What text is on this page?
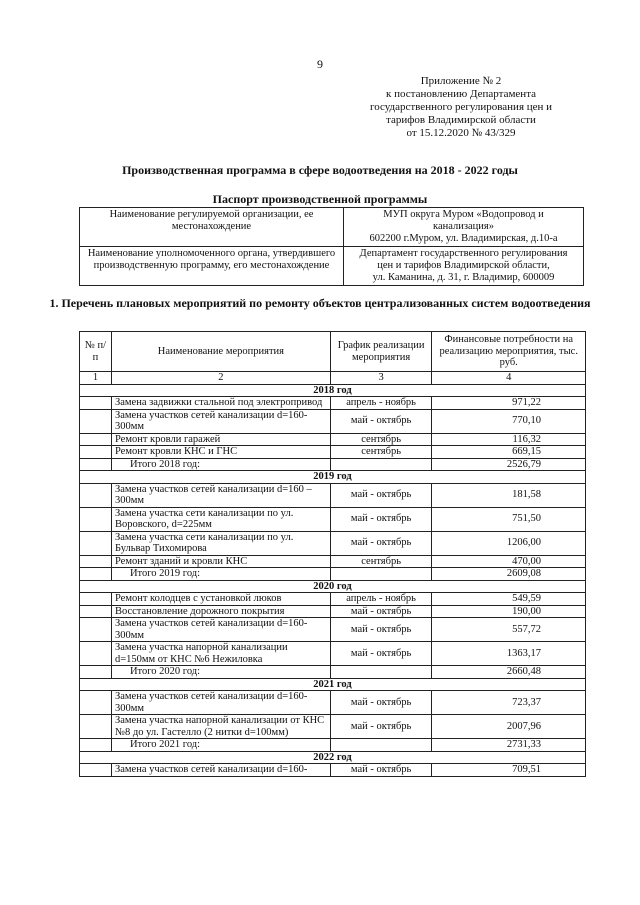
9
Приложение № 2
к постановлению Департамента
государственного регулирования цен и
тарифов Владимирской области
от 15.12.2020 № 43/329
Производственная программа в сфере водоотведения на 2018 - 2022 годы
Паспорт производственной программы
Наименование регулируемой организации, ее местонахождение	МУП округа Муром «Водопровод и
канализация»
602200 г.Муром, ул. Владимирская, д.10-а

Наименование уполномоченного органа, утвердившего производственную программу, его местонахождение	Департамент государственного регулирования
цен и тарифов Владимирской области,
ул. Каманина, д. 31, г. Владимир, 600009
1. Перечень плановых мероприятий по ремонту объектов централизованных систем водоотведения
№ п/п	Наименование мероприятия	График реализации мероприятия	Финансовые потребности на реализацию мероприятия, тыс. руб.
1	2	3	4
2018 год			
	Замена задвижки стальной под электропривод	апрель - ноябрь	971,22
	Замена участков сетей канализации d=160-300мм	май - октябрь	770,10
	Ремонт кровли гаражей	сентябрь	116,32
	Ремонт кровли КНС и ГНС	сентябрь	669,15
	Итого 2018 год:		2526,79
2019 год			
	Замена участков сетей канализации d=160 – 300мм	май - октябрь	181,58
	Замена участка сети канализации по ул. Воровского, d=225мм	май - октябрь	751,50
	Замена участка сети канализации по ул. Бульвар Тихомирова	май - октябрь	1206,00
	Ремонт зданий и кровли КНС	сентябрь	470,00
	Итого 2019 год:		2609,08
2020 год			
	Ремонт колодцев с установкой люков	апрель - ноябрь	549,59
	Восстановление дорожного покрытия	май - октябрь	190,00
	Замена участков сетей канализации d=160-300мм	май - октябрь	557,72
	Замена участка напорной канализации d=150мм от КНС №6 Нежиловка	май - октябрь	1363,17
	Итого 2020 год:		2660,48
2021 год			
	Замена участков сетей канализации d=160-300мм	май - октябрь	723,37
	Замена участка напорной канализации от КНС №8 до ул. Гастелло (2 нитки d=100мм)	май - октябрь	2007,96
	Итого 2021 год:		2731,33
2022 год			
	Замена участков сетей канализации d=160-	май - октябрь	709,51
